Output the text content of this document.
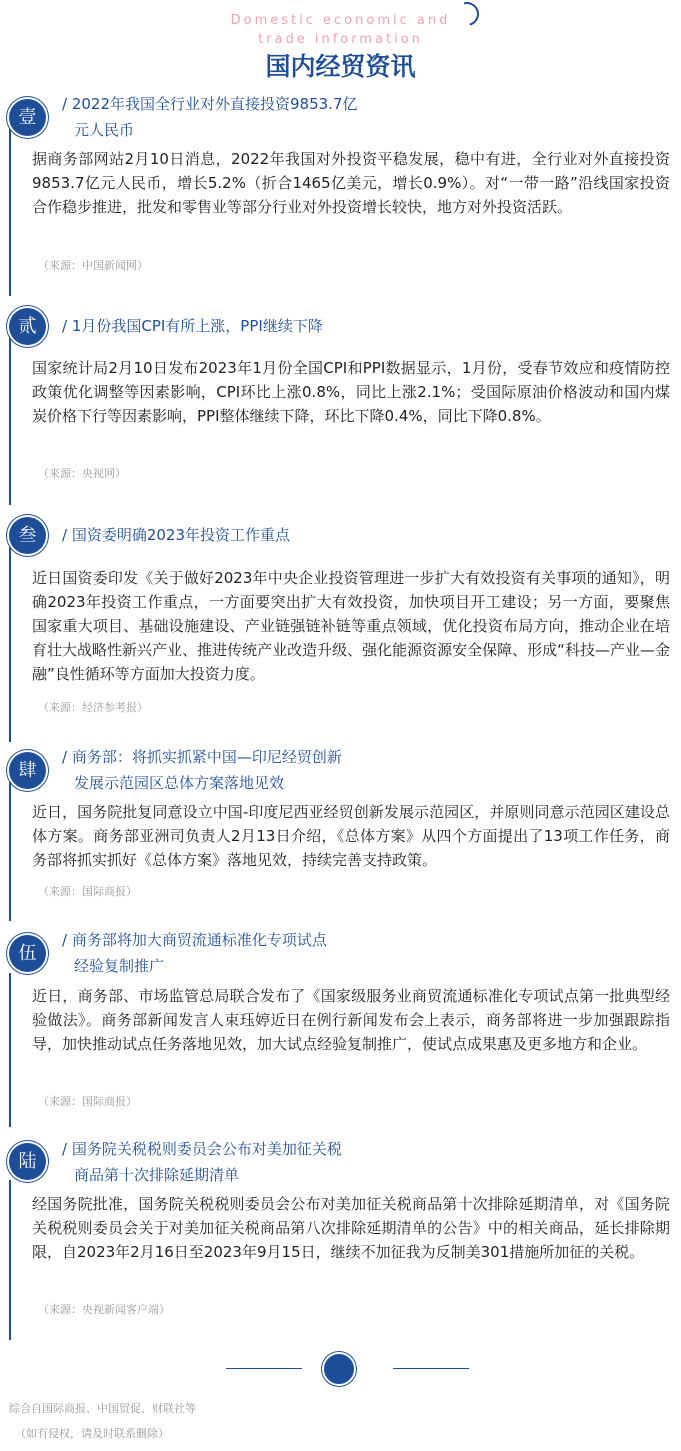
Domestic economic and
trade information
国内经贸资讯
壹
/ 2022年我国全行业对外直接投资9853.7亿
元人民币
据商务部网站2月10日消息，2022年我国对外投资平稳发展，稳中有进，全行业对外直接投资9853.7亿元人民币，增长5.2%（折合1465亿美元，增长0.9%）。对“一带一路”沿线国家投资合作稳步推进，批发和零售业等部分行业对外投资增长较快，地方对外投资活跃。
（来源：中国新闻网）
贰	/ 1月份我国CPI有所上涨，PPI继续下降
国家统计局2月10日发布2023年1月份全国CPI和PPI数据显示，1月份，受春节效应和疫情防控政策优化调整等因素影响，CPI环比上涨0.8%，同比上涨2.1%；受国际原油价格波动和国内煤炭价格下行等因素影响，PPI整体继续下降，环比下降0.4%，同比下降0.8%。
（来源：央视网）
叁	/ 国资委明确2023年投资工作重点
近日国资委印发《关于做好2023年中央企业投资管理进一步扩大有效投资有关事项的通知》，明确2023年投资工作重点，一方面要突出扩大有效投资，加快项目开工建设；另一方面，要聚焦国家重大项目、基础设施建设、产业链强链补链等重点领域，优化投资布局方向，推动企业在培育壮大战略性新兴产业、推进传统产业改造升级、强化能源资源安全保障、形成“科技—产业—金融”良性循环等方面加大投资力度。
（来源：经济参考报）
肆
/ 商务部：将抓实抓紧中国—印尼经贸创新
发展示范园区总体方案落地见效
近日，国务院批复同意设立中国-印度尼西亚经贸创新发展示范园区，并原则同意示范园区建设总体方案。商务部亚洲司负责人2月13日介绍，《总体方案》从四个方面提出了13项工作任务，商务部将抓实抓好《总体方案》落地见效，持续完善支持政策。
（来源：国际商报）
伍
/ 商务部将加大商贸流通标准化专项试点
经验复制推广
近日，商务部、市场监管总局联合发布了《国家级服务业商贸流通标准化专项试点第一批典型经验做法》。商务部新闻发言人束珏婷近日在例行新闻发布会上表示，商务部将进一步加强跟踪指导，加快推动试点任务落地见效，加大试点经验复制推广，使试点成果惠及更多地方和企业。
（来源：国际商报）
陆
/ 国务院关税税则委员会公布对美加征关税
商品第十次排除延期清单
经国务院批准，国务院关税税则委员会公布对美加征关税商品第十次排除延期清单，对《国务院关税税则委员会关于对美加征关税商品第八次排除延期清单的公告》中的相关商品，延长排除期限，自2023年2月16日至2023年9月15日，继续不加征我为反制美301措施所加征的关税。
（来源：央视新闻客户端）
综合自国际商报、中国贸促、财联社等
（如有侵权，请及时联系删除）
